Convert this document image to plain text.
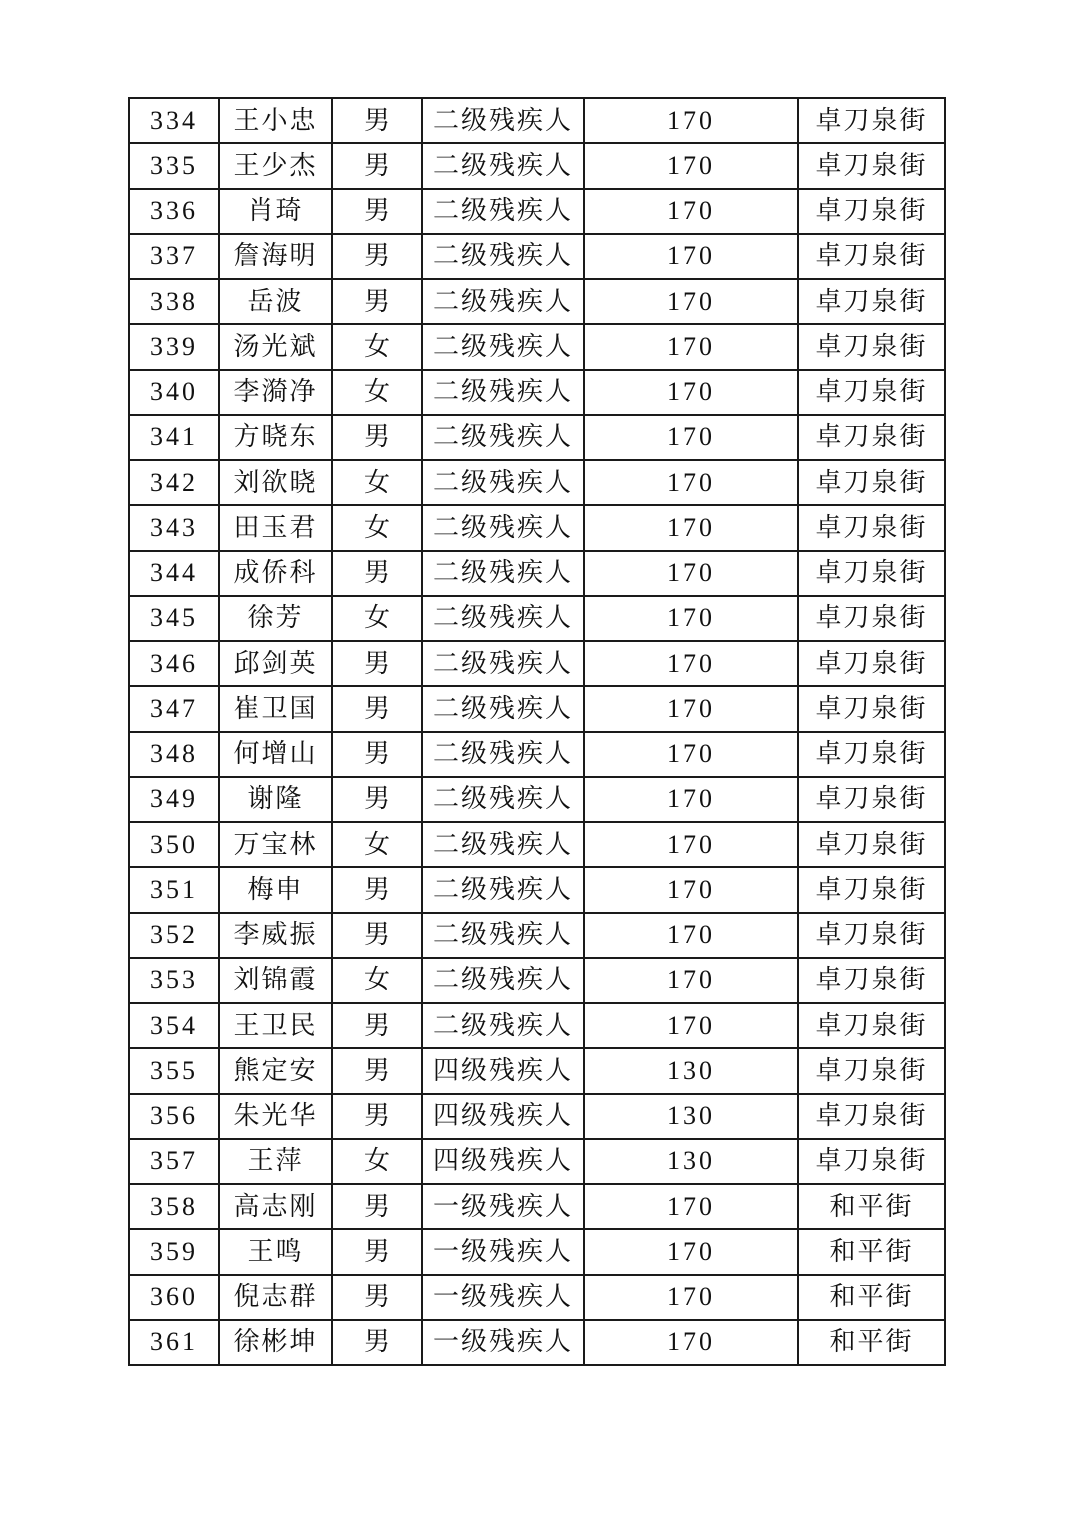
334	王小忠	男	二级残疾人	170	卓刀泉街
335	王少杰	男	二级残疾人	170	卓刀泉街
336	肖琦	男	二级残疾人	170	卓刀泉街
337	詹海明	男	二级残疾人	170	卓刀泉街
338	岳波	男	二级残疾人	170	卓刀泉街
339	汤光斌	女	二级残疾人	170	卓刀泉街
340	李漪净	女	二级残疾人	170	卓刀泉街
341	方晓东	男	二级残疾人	170	卓刀泉街
342	刘欲晓	女	二级残疾人	170	卓刀泉街
343	田玉君	女	二级残疾人	170	卓刀泉街
344	成侨科	男	二级残疾人	170	卓刀泉街
345	徐芳	女	二级残疾人	170	卓刀泉街
346	邱剑英	男	二级残疾人	170	卓刀泉街
347	崔卫国	男	二级残疾人	170	卓刀泉街
348	何增山	男	二级残疾人	170	卓刀泉街
349	谢隆	男	二级残疾人	170	卓刀泉街
350	万宝林	女	二级残疾人	170	卓刀泉街
351	梅申	男	二级残疾人	170	卓刀泉街
352	李威振	男	二级残疾人	170	卓刀泉街
353	刘锦霞	女	二级残疾人	170	卓刀泉街
354	王卫民	男	二级残疾人	170	卓刀泉街
355	熊定安	男	四级残疾人	130	卓刀泉街
356	朱光华	男	四级残疾人	130	卓刀泉街
357	王萍	女	四级残疾人	130	卓刀泉街
358	高志刚	男	一级残疾人	170	和平街
359	王鸣	男	一级残疾人	170	和平街
360	倪志群	男	一级残疾人	170	和平街
361	徐彬坤	男	一级残疾人	170	和平街
